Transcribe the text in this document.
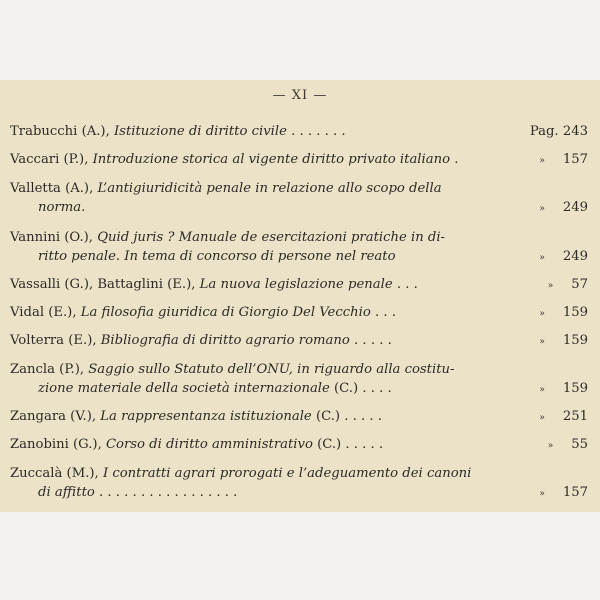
— XI —
Trabucchi (A.), Istituzione di diritto civile . . . . . . .	Pag. 243
Vaccari (P.), Introduzione storica al vigente diritto privato italiano .	» 157
Valletta (A.), L’antigiuridicità penale in relazione allo scopo della
norma.	» 249
Vannini (O.), Quid juris ? Manuale de esercitazioni pratiche in di-
ritto penale. In tema di concorso di persone nel reato	» 249
Vassalli (G.), Battaglini (E.), La nuova legislazione penale . . .	» 57
Vidal (E.), La filosofia giuridica di Giorgio Del Vecchio . . .	» 159
Volterra (E.), Bibliografia di diritto agrario romano . . . . .	» 159
Zancla (P.), Saggio sullo Statuto dell’ONU, in riguardo alla costitu-
zione materiale della società internazionale (C.) . . . .	» 159
Zangara (V.), La rappresentanza istituzionale (C.) . . . . .	» 251
Zanobini (G.), Corso di diritto amministrativo (C.) . . . . .	» 55
Zuccalà (M.), I contratti agrari prorogati e l’adeguamento dei canoni
di affitto . . . . . . . . . . . . . . . . .	» 157
